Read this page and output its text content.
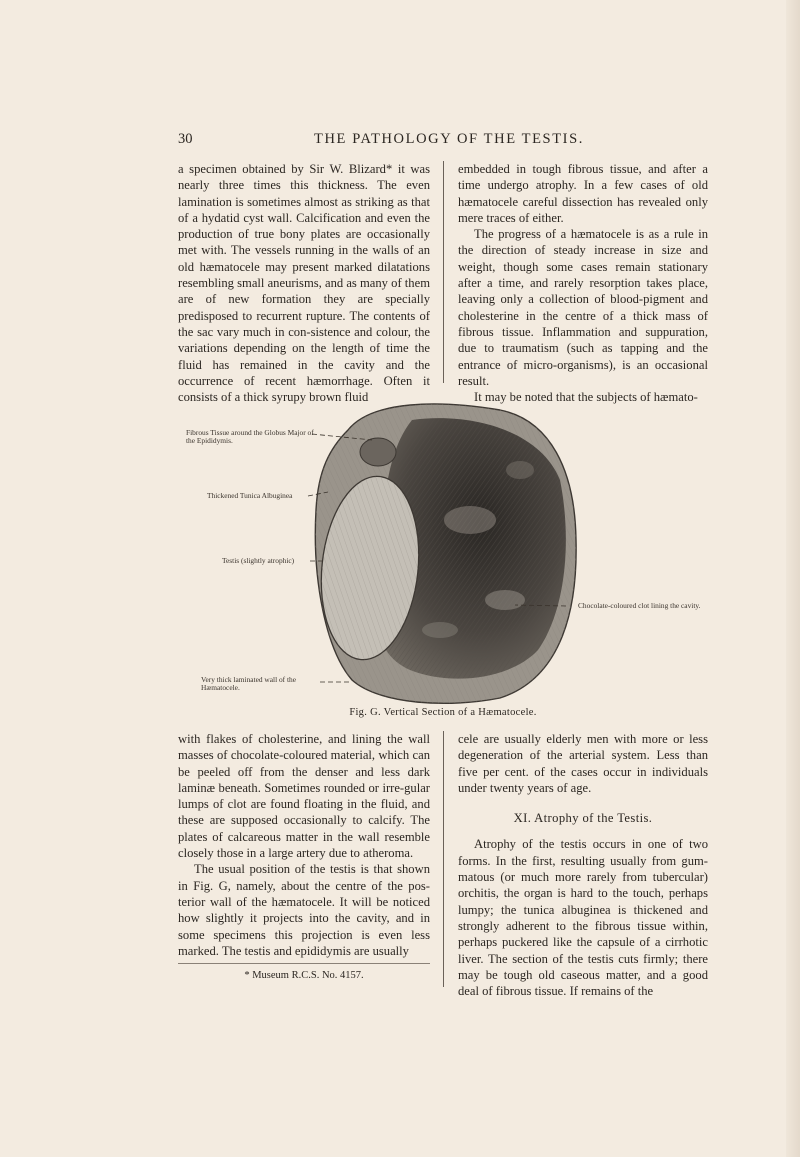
30	THE PATHOLOGY OF THE TESTIS.

a specimen obtained by Sir W. Blizard* it was nearly three times this thickness. The even lamination is sometimes almost as striking as that of a hydatid cyst wall. Calcification and even the production of true bony plates are occasionally met with. The vessels running in the walls of an old hæmatocele may present marked dilatations resembling small aneurisms, and as many of them are of new formation they are specially predisposed to recurrent rupture. The contents of the sac vary much in con-sistence and colour, the variations depending on the length of time the fluid has remained in the cavity and the occurrence of recent hæmorrhage. Often it consists of a thick syrupy brown fluid

embedded in tough fibrous tissue, and after a time undergo atrophy. In a few cases of old hæmatocele careful dissection has revealed only mere traces of either.

The progress of a hæmatocele is as a rule in the direction of steady increase in size and weight, though some cases remain stationary after a time, and rarely resorption takes place, leaving only a collection of blood-pigment and cholesterine in the centre of a thick mass of fibrous tissue. Inflammation and suppuration, due to traumatism (such as tapping and the entrance of micro-organisms), is an occasional result.

It may be noted that the subjects of hæmato-

Fibrous Tissue around the Globus Major of the Epididymis.
Thickened Tunica Albuginea
Testis (slightly atrophic)
Very thick laminated wall of the Hæmatocele.
Chocolate-coloured clot lining the cavity.
Fig. G. Vertical Section of a Hæmatocele.

with flakes of cholesterine, and lining the wall masses of chocolate-coloured material, which can be peeled off from the denser and less dark laminæ beneath. Sometimes rounded or irre-gular lumps of clot are found floating in the fluid, and these are supposed occasionally to calcify. The plates of calcareous matter in the wall resemble closely those in a large artery due to atheroma.

The usual position of the testis is that shown in Fig. G, namely, about the centre of the pos-terior wall of the hæmatocele. It will be noticed how slightly it projects into the cavity, and in some specimens this projection is even less marked. The testis and epididymis are usually

* Museum R.C.S. No. 4157.

cele are usually elderly men with more or less degeneration of the arterial system. Less than five per cent. of the cases occur in individuals under twenty years of age.

XI. Atrophy of the Testis.

Atrophy of the testis occurs in one of two forms. In the first, resulting usually from gum-matous (or much more rarely from tubercular) orchitis, the organ is hard to the touch, perhaps lumpy; the tunica albuginea is thickened and strongly adherent to the fibrous tissue within, perhaps puckered like the capsule of a cirrhotic liver. The section of the testis cuts firmly; there may be tough old caseous matter, and a good deal of fibrous tissue. If remains of the
